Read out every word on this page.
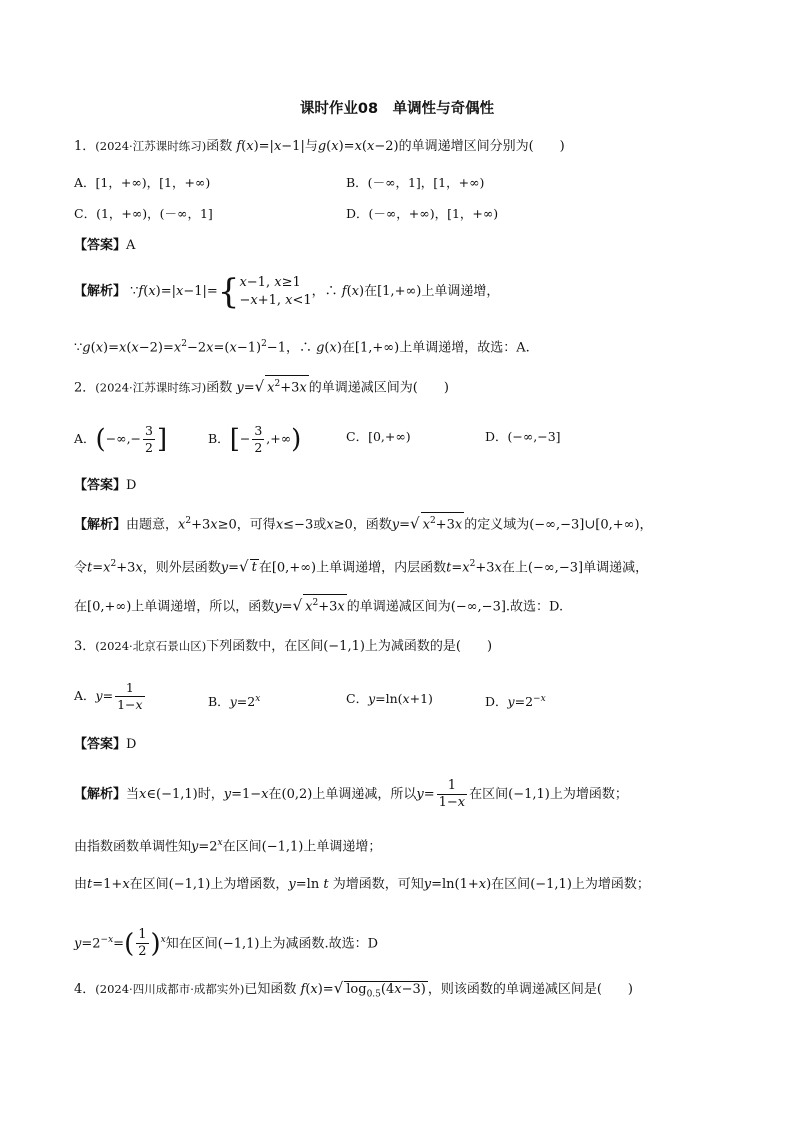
课时作业08　单调性与奇偶性
1．(2024·江苏课时练习)函数 f(x)=|x−1|与g(x)=x(x−2)的单调递增区间分别为(　　)
A．[1，+∞)，[1，+∞)	B．(－∞，1]，[1，+∞)
C．(1，+∞)，(－∞，1]	D．(－∞，+∞)，[1，+∞)
【答案】A
【解析】 ∵f(x)=|x−1|={x−1, x≥1
−x+1, x<1，∴ f(x)在[1,+∞)上单调递增，
$\because g(x)=x(x-2)=x^2-2x=(x-1)^2-1$，∴ g(x)在[1,+∞)上单调递增，故选：A.
2．(2024·江苏课时练习)函数 y=√ $x^2+3x$ 的单调递减区间为(　　)
A．(−∞,− $\frac{3}{2}$ ]	B．[− $\frac{3}{2}$ ,+∞)	C．[0,+∞)	D．(−∞,−3]
【答案】D
【解析】由题意，$x^2+3x\ge 0$，可得x≤−3或x≥0，函数y=√ $x^2+3x$ 的定义域为(−∞,−3]∪[0,+∞)，
令$t=x^2+3x$，则外层函数y=√ t 在[0,+∞)上单调递增，内层函数$t=x^2+3x$在上(−∞,−3]单调递减，
在[0,+∞)上单调递增，所以，函数y=√ $x^2+3x$ 的单调递减区间为(−∞,−3].故选：D.
3．(2024·北京石景山区)下列函数中，在区间(−1,1)上为减函数的是(　　)
A．$y= \frac{1}{1-x}$	B．$y=2^x$	C．y=ln(x+1)	D．$y=2^{-x}$
【答案】D
【解析】当x∈(−1,1)时，y=1−x在(0,2)上单调递减，所以$y= \frac{1}{1-x}$ 在区间(−1,1)上为增函数；
由指数函数单调性知$y=2^x$在区间(−1,1)上单调递增；
由t=1+x在区间(−1,1)上为增函数，y=ln t 为增函数，可知y=ln(1+x)在区间(−1,1)上为增函数；
$y=2^{-x}=( \frac{1}{2} )^x$知在区间(−1,1)上为减函数.故选：D
4．(2024·四川成都市·成都实外)已知函数 f(x)=√ $\log_{0.5}(4x-3)$ ，则该函数的单调递减区间是(　　)
